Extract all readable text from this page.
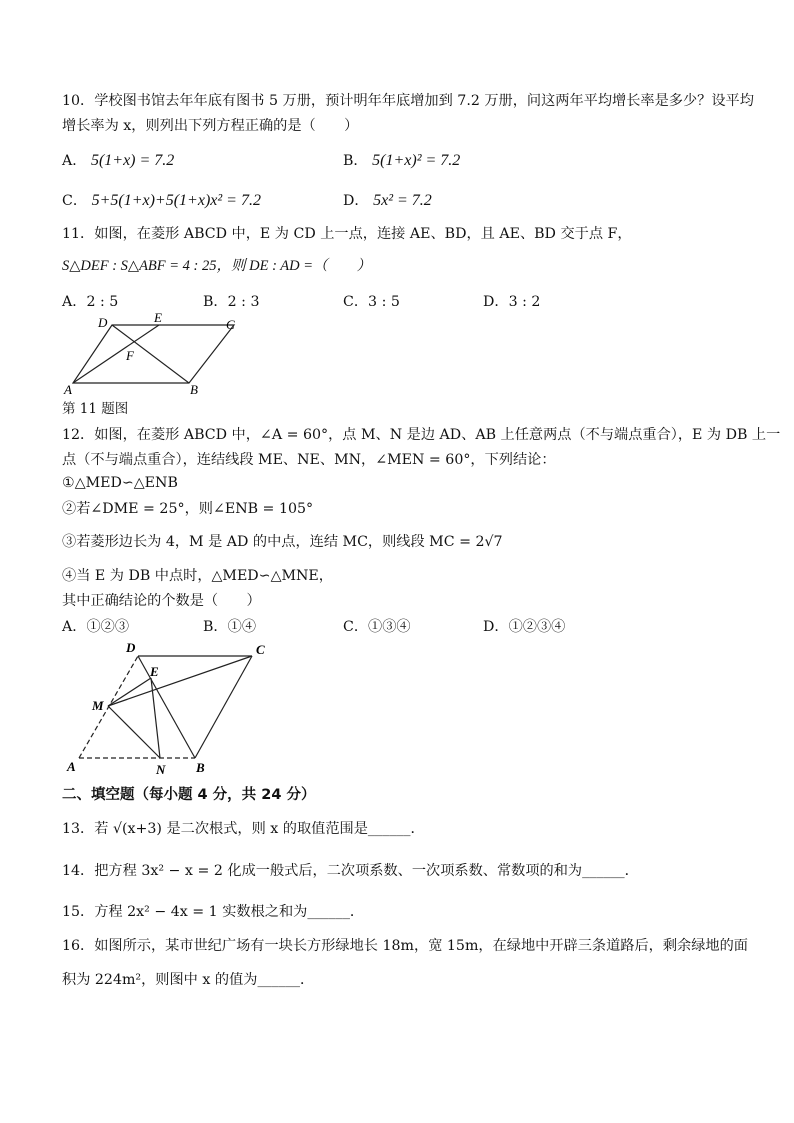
10．学校图书馆去年年底有图书 5 万册，预计明年年底增加到 7.2 万册，问这两年平均增长率是多少？设平均
增长率为 x，则列出下列方程正确的是（　　）
A． 5(1+x) = 7.2	B． 5(1+x)² = 7.2
C． 5+5(1+x)+5(1+x)x² = 7.2	D． 5x² = 7.2
11．如图，在菱形 ABCD 中，E 为 CD 上一点，连接 AE、BD，且 AE、BD 交于点 F，
S△DEF : S△ABF = 4 : 25，则 DE : AD =（　　）
A．2 : 5	B．2 : 3	C．3 : 5	D．3 : 2
D	E	C
F
A	B
第 11 题图
12．如图，在菱形 ABCD 中，∠A = 60°，点 M、N 是边 AD、AB 上任意两点（不与端点重合），E 为 DB 上一
点（不与端点重合），连结线段 ME、NE、MN，∠MEN = 60°，下列结论：
①△MED∽△ENB
②若∠DME = 25°，则∠ENB = 105°
③若菱形边长为 4，M 是 AD 的中点，连结 MC，则线段 MC = 2√7
④当 E 为 DB 中点时，△MED∽△MNE，
其中正确结论的个数是（　　）
A．①②③	B．①④	C．①③④	D．①②③④
D	C
E
M
A	N B
二、填空题（每小题 4 分，共 24 分）
13．若 √(x+3) 是二次根式，则 x 的取值范围是______．
14．把方程 3x² − x = 2 化成一般式后，二次项系数、一次项系数、常数项的和为______．
15．方程 2x² − 4x = 1 实数根之和为______．
16．如图所示，某市世纪广场有一块长方形绿地长 18m，宽 15m，在绿地中开辟三条道路后，剩余绿地的面
积为 224m²，则图中 x 的值为______．
